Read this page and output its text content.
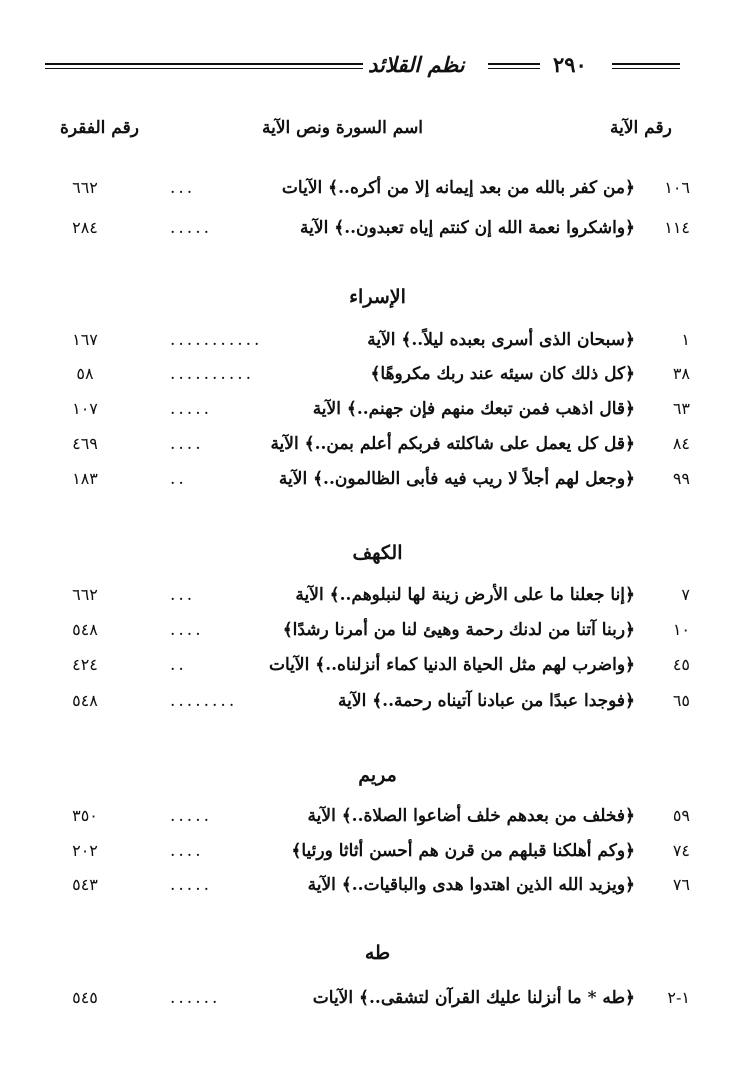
٢٩٠
نظم القلائد
رقم الآية
اسم السورة ونص الآية
رقم الفقرة
١٠٦
﴿من كفر بالله من بعد إيمانه إلا من أكره..﴾ الآيات
...
٦٦٢
١١٤
﴿واشكروا نعمة الله إن كنتم إياه تعبدون..﴾ الآية
.....
٢٨٤
الإسراء
١
﴿سبحان الذى أسرى بعبده ليلاً..﴾ الآية
...........
١٦٧
٣٨
﴿كل ذلك كان سيئه عند ربك مكروهًا﴾
..........
٥٨
٦٣
﴿قال اذهب فمن تبعك منهم فإن جهنم..﴾ الآية
.....
١٠٧
٨٤
﴿قل كل يعمل على شاكلته فربكم أعلم بمن..﴾ الآية
....
٤٦٩
٩٩
﴿وجعل لهم أجلاً لا ريب فيه فأبى الظالمون..﴾ الآية
..
١٨٣
الكهف
٧
﴿إنا جعلنا ما على الأرض زينة لها لنبلوهم..﴾ الآية
...
٦٦٢
١٠
﴿ربنا آتنا من لدنك رحمة وهيئ لنا من أمرنا رشدًا﴾
....
٥٤٨
٤٥
﴿واضرب لهم مثل الحياة الدنيا كماء أنزلناه..﴾ الآيات
..
٤٢٤
٦٥
﴿فوجدا عبدًا من عبادنا آتيناه رحمة..﴾ الآية
........
٥٤٨
مريم
٥٩
﴿فخلف من بعدهم خلف أضاعوا الصلاة..﴾ الآية
.....
٣٥٠
٧٤
﴿وكم أهلكنا قبلهم من قرن هم أحسن أثاثا ورئيا﴾
....
٢٠٢
٧٦
﴿ويزيد الله الذين اهتدوا هدى والباقيات..﴾ الآية
.....
٥٤٣
طه
١-٢
﴿طه * ما أنزلنا عليك القرآن لتشقى..﴾ الآيات
......
٥٤٥
